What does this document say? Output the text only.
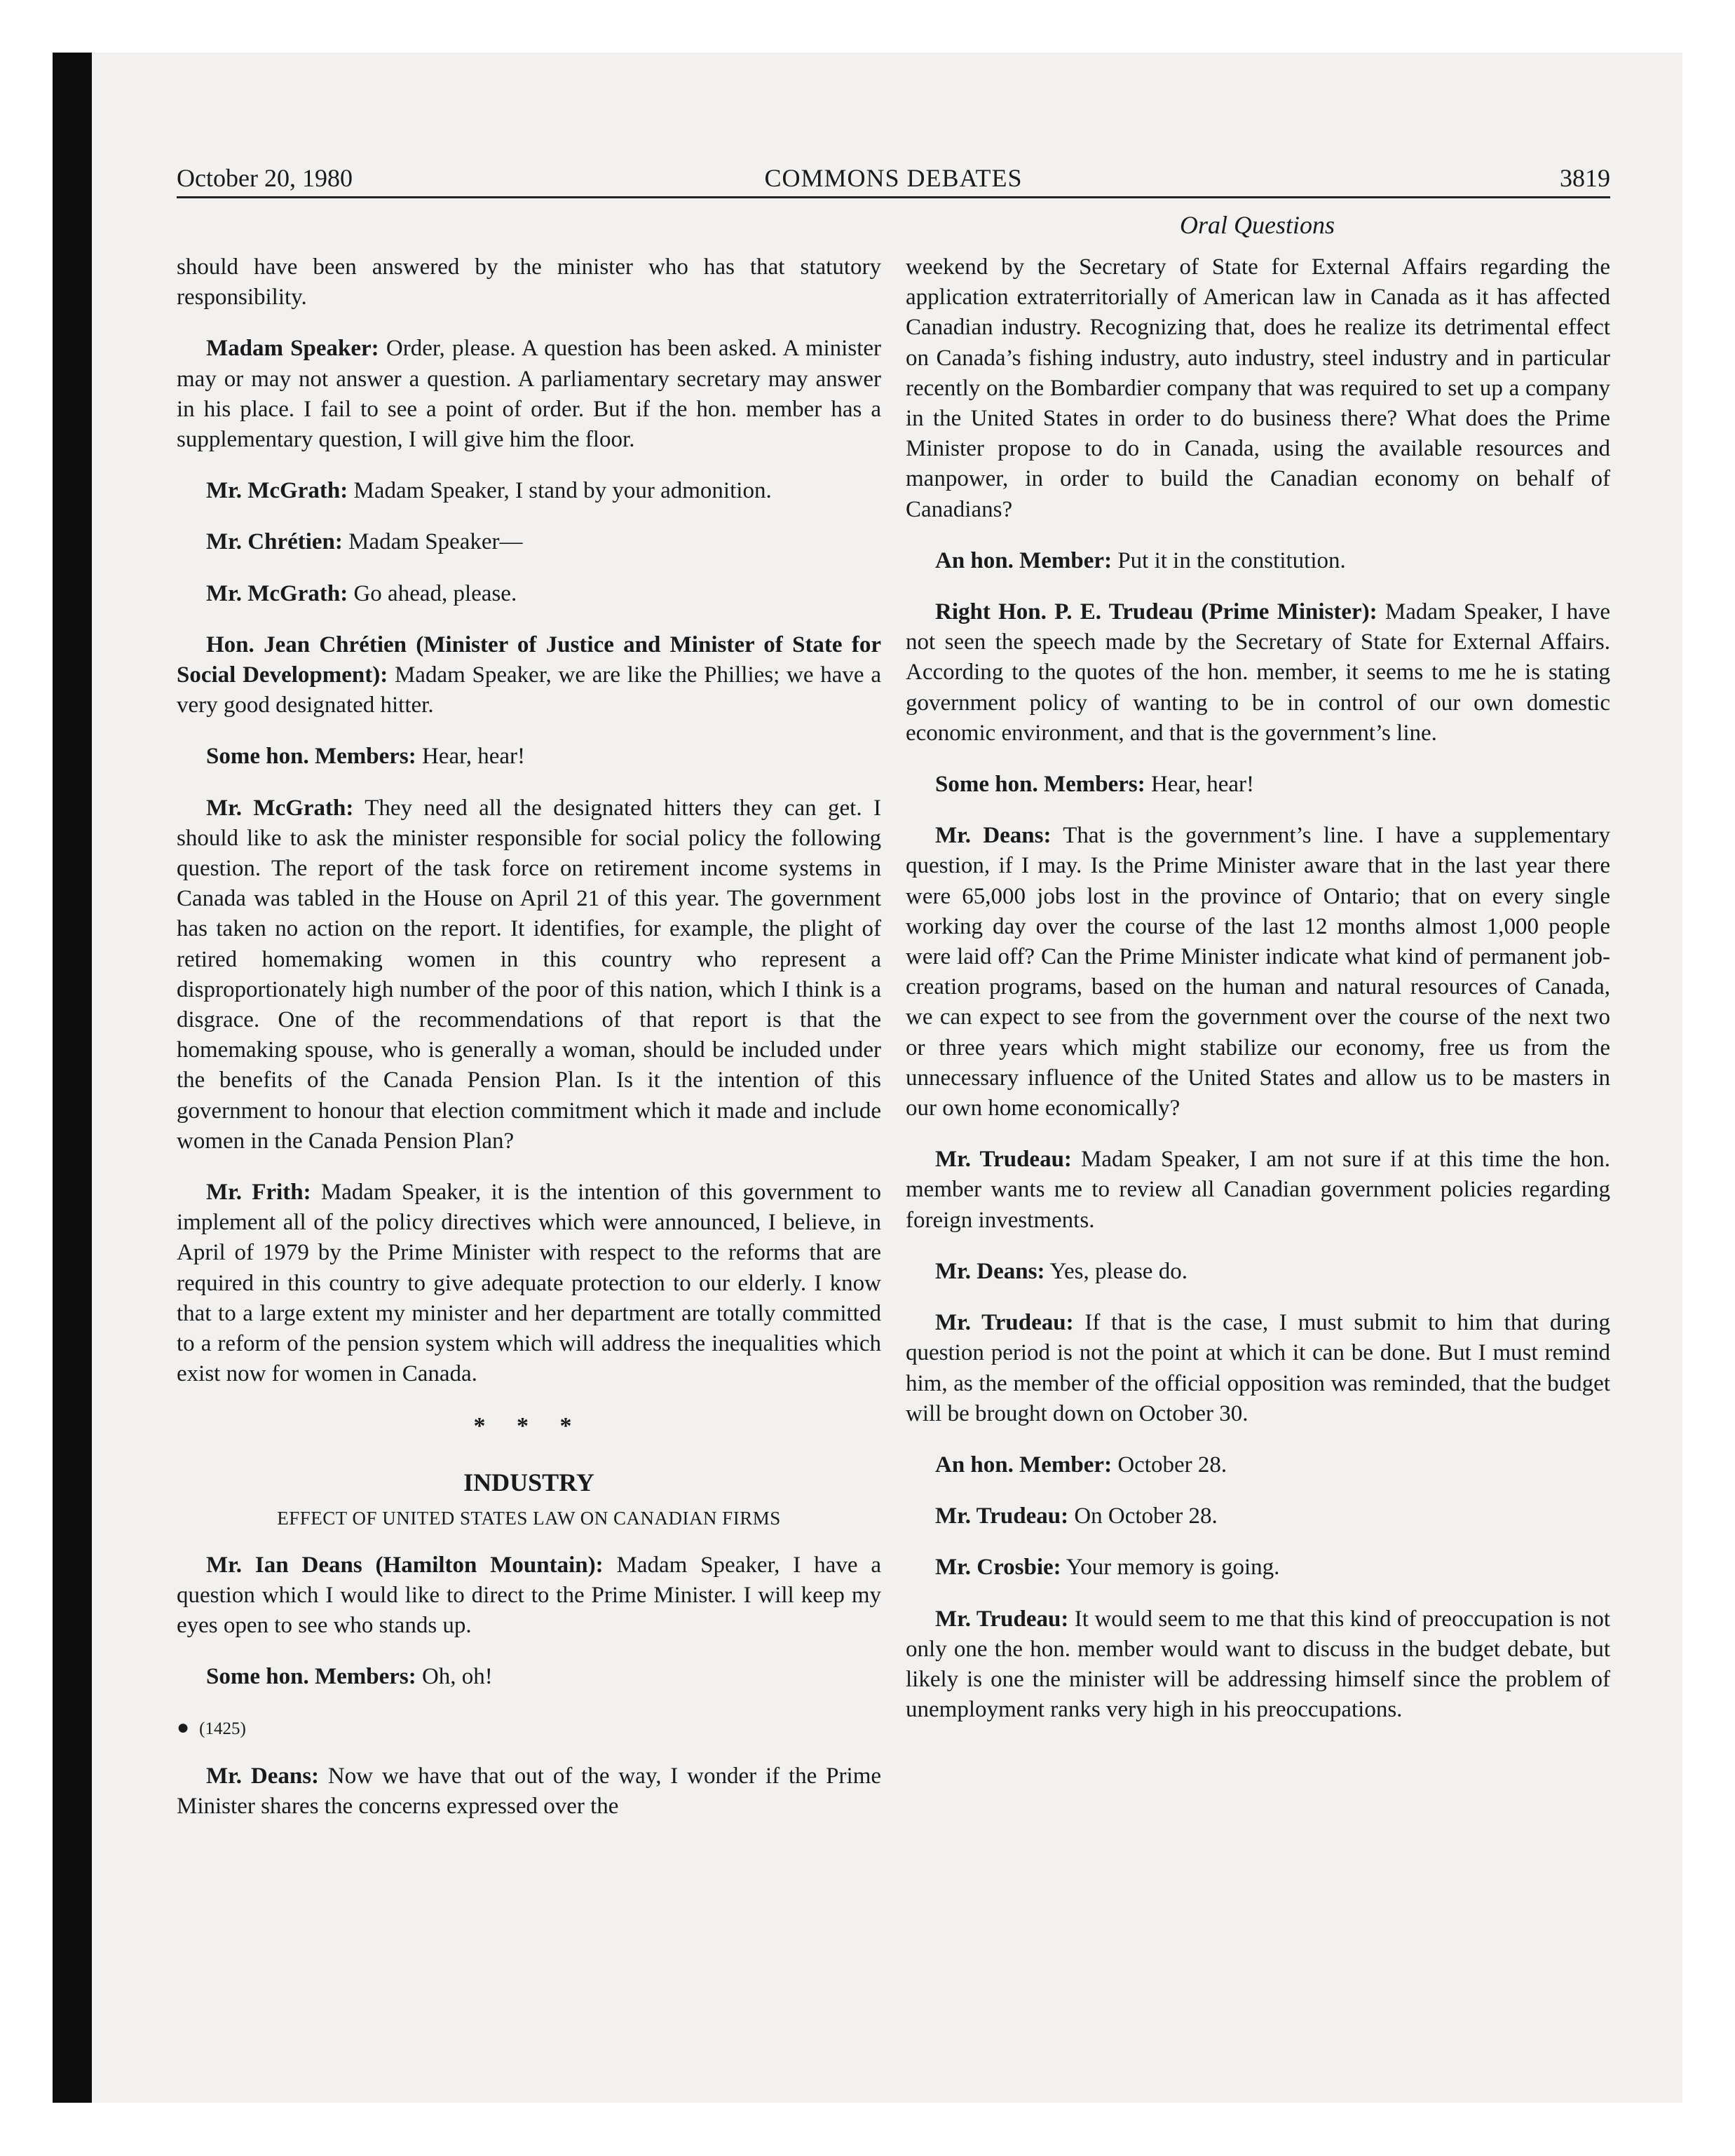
October 20, 1980	COMMONS DEBATES	3819
Oral Questions

should have been answered by the minister who has that statutory responsibility.

Madam Speaker: Order, please. A question has been asked. A minister may or may not answer a question. A parliamentary secretary may answer in his place. I fail to see a point of order. But if the hon. member has a supplementary question, I will give him the floor.

Mr. McGrath: Madam Speaker, I stand by your admonition.

Mr. Chrétien: Madam Speaker—

Mr. McGrath: Go ahead, please.

Hon. Jean Chrétien (Minister of Justice and Minister of State for Social Development): Madam Speaker, we are like the Phillies; we have a very good designated hitter.

Some hon. Members: Hear, hear!

Mr. McGrath: They need all the designated hitters they can get. I should like to ask the minister responsible for social policy the following question. The report of the task force on retirement income systems in Canada was tabled in the House on April 21 of this year. The government has taken no action on the report. It identifies, for example, the plight of retired homemaking women in this country who represent a disproportionately high number of the poor of this nation, which I think is a disgrace. One of the recommendations of that report is that the homemaking spouse, who is generally a woman, should be included under the benefits of the Canada Pension Plan. Is it the intention of this government to honour that election commitment which it made and include women in the Canada Pension Plan?

Mr. Frith: Madam Speaker, it is the intention of this government to implement all of the policy directives which were announced, I believe, in April of 1979 by the Prime Minister with respect to the reforms that are required in this country to give adequate protection to our elderly. I know that to a large extent my minister and her department are totally committed to a reform of the pension system which will address the inequalities which exist now for women in Canada.

* * *
INDUSTRY
EFFECT OF UNITED STATES LAW ON CANADIAN FIRMS

Mr. Ian Deans (Hamilton Mountain): Madam Speaker, I have a question which I would like to direct to the Prime Minister. I will keep my eyes open to see who stands up.

Some hon. Members: Oh, oh!

● (1425)

Mr. Deans: Now we have that out of the way, I wonder if the Prime Minister shares the concerns expressed over the

weekend by the Secretary of State for External Affairs regarding the application extraterritorially of American law in Canada as it has affected Canadian industry. Recognizing that, does he realize its detrimental effect on Canada’s fishing industry, auto industry, steel industry and in particular recently on the Bombardier company that was required to set up a company in the United States in order to do business there? What does the Prime Minister propose to do in Canada, using the available resources and manpower, in order to build the Canadian economy on behalf of Canadians?

An hon. Member: Put it in the constitution.

Right Hon. P. E. Trudeau (Prime Minister): Madam Speaker, I have not seen the speech made by the Secretary of State for External Affairs. According to the quotes of the hon. member, it seems to me he is stating government policy of wanting to be in control of our own domestic economic environment, and that is the government’s line.

Some hon. Members: Hear, hear!

Mr. Deans: That is the government’s line. I have a supplementary question, if I may. Is the Prime Minister aware that in the last year there were 65,000 jobs lost in the province of Ontario; that on every single working day over the course of the last 12 months almost 1,000 people were laid off? Can the Prime Minister indicate what kind of permanent job-creation programs, based on the human and natural resources of Canada, we can expect to see from the government over the course of the next two or three years which might stabilize our economy, free us from the unnecessary influence of the United States and allow us to be masters in our own home economically?

Mr. Trudeau: Madam Speaker, I am not sure if at this time the hon. member wants me to review all Canadian government policies regarding foreign investments.

Mr. Deans: Yes, please do.

Mr. Trudeau: If that is the case, I must submit to him that during question period is not the point at which it can be done. But I must remind him, as the member of the official opposition was reminded, that the budget will be brought down on October 30.

An hon. Member: October 28.

Mr. Trudeau: On October 28.

Mr. Crosbie: Your memory is going.

Mr. Trudeau: It would seem to me that this kind of preoccupation is not only one the hon. member would want to discuss in the budget debate, but likely is one the minister will be addressing himself since the problem of unemployment ranks very high in his preoccupations.
